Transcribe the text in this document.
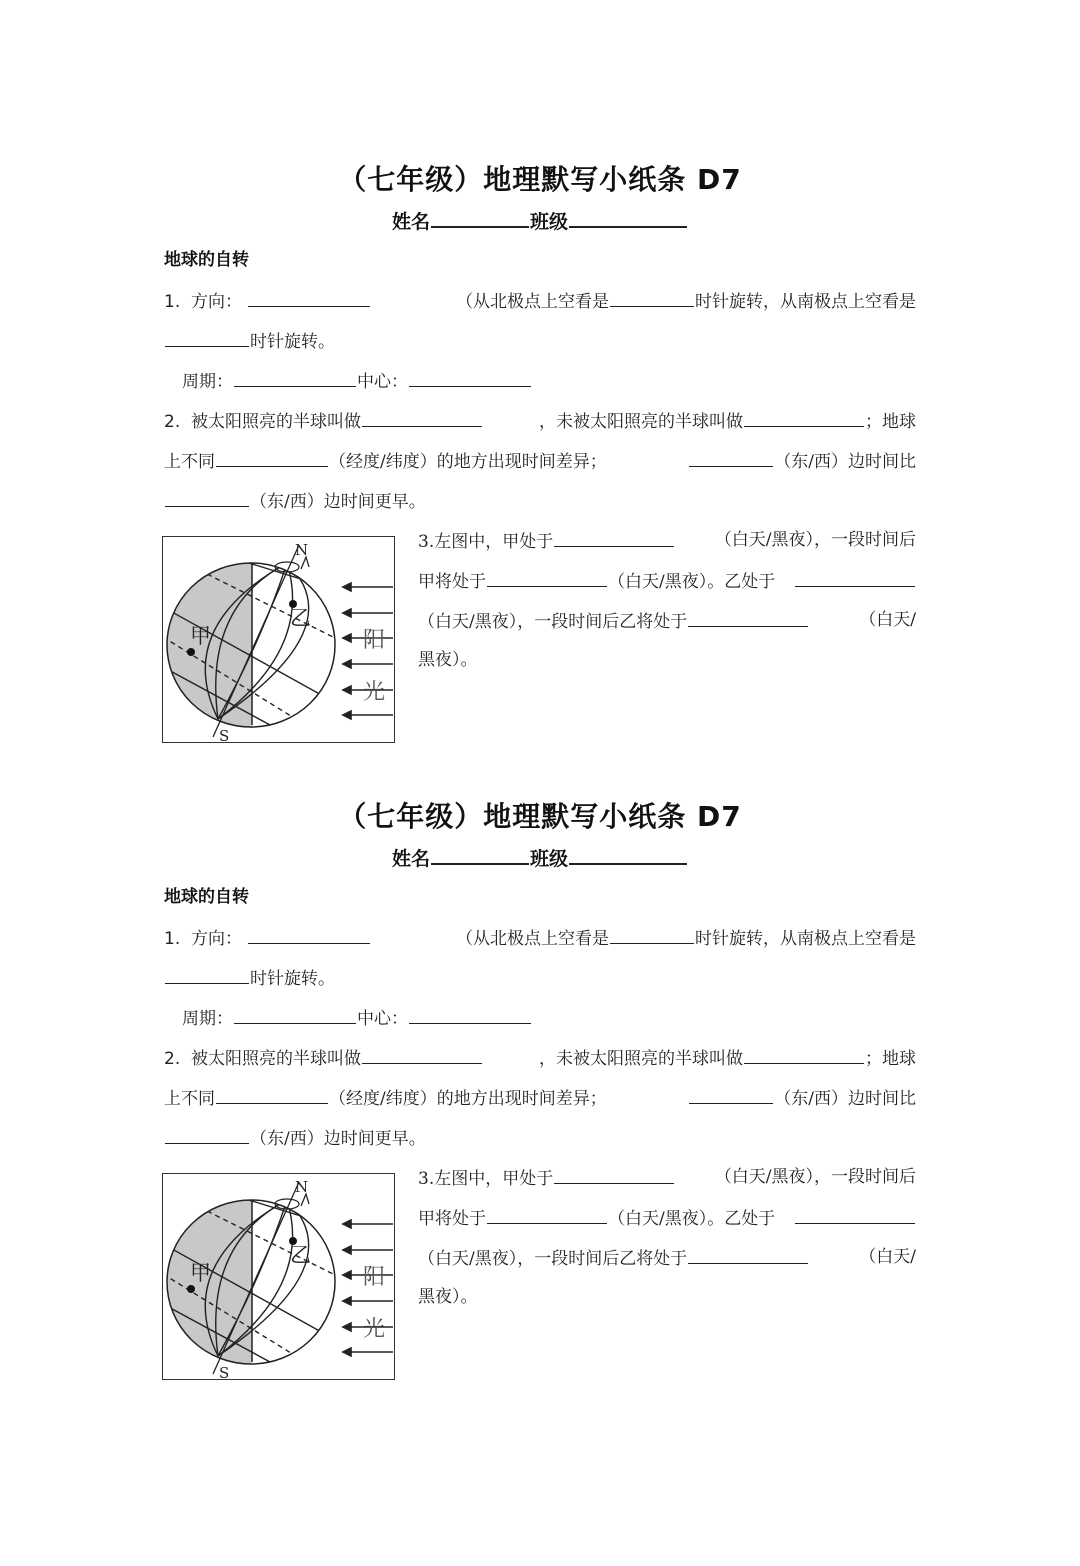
（七年级）地理默写小纸条 D7
姓名	班级
地球的自转
1. 方向：	（从北极点上空看是	时针旋转，从南极点上空看是
时针旋转。
周期：	中心：
2. 被太阳照亮的半球叫做	，未被太阳照亮的半球叫做	；地球
上不同	（经度/纬度）的地方出现时间差异；	（东/西）边时间比
（东/西）边时间更早。
N
S
甲
乙
阳
光
3.左图中，甲处于	（白天/黑夜），一段时间后
甲将处于	（白天/黑夜）。乙处于
（白天/黑夜），一段时间后乙将处于	（白天/
黑夜）。
（七年级）地理默写小纸条 D7
姓名	班级
地球的自转
1. 方向：	（从北极点上空看是	时针旋转，从南极点上空看是
时针旋转。
周期：	中心：
2. 被太阳照亮的半球叫做	，未被太阳照亮的半球叫做	；地球
上不同	（经度/纬度）的地方出现时间差异；	（东/西）边时间比
（东/西）边时间更早。
N
S
甲
乙
阳
光
3.左图中，甲处于	（白天/黑夜），一段时间后
甲将处于	（白天/黑夜）。乙处于
（白天/黑夜），一段时间后乙将处于	（白天/
黑夜）。
